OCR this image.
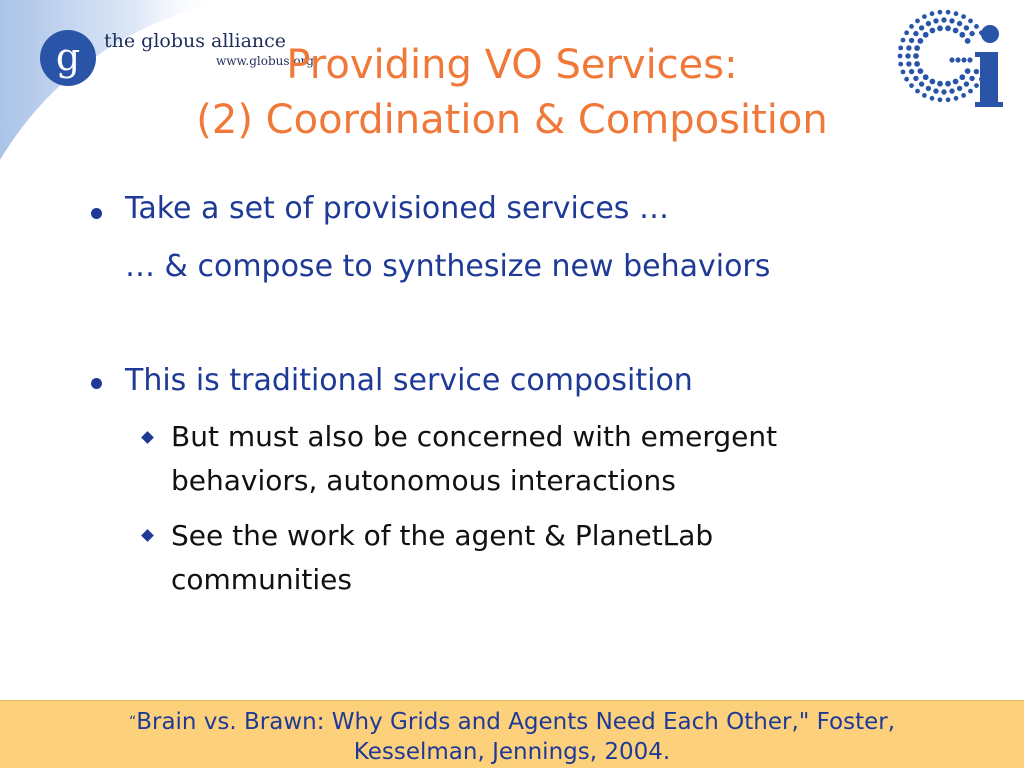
g the globus alliance

www.globus.org

Providing VO Services:
(2) Coordination & Composition

Take a set of provisioned services …

… & compose to synthesize new behaviors

This is traditional service composition

But must also be concerned with emergent

behaviors, autonomous interactions

See the work of the agent & PlanetLab

communities

“Brain vs. Brawn: Why Grids and Agents Need Each Other," Foster,
Kesselman, Jennings, 2004.
